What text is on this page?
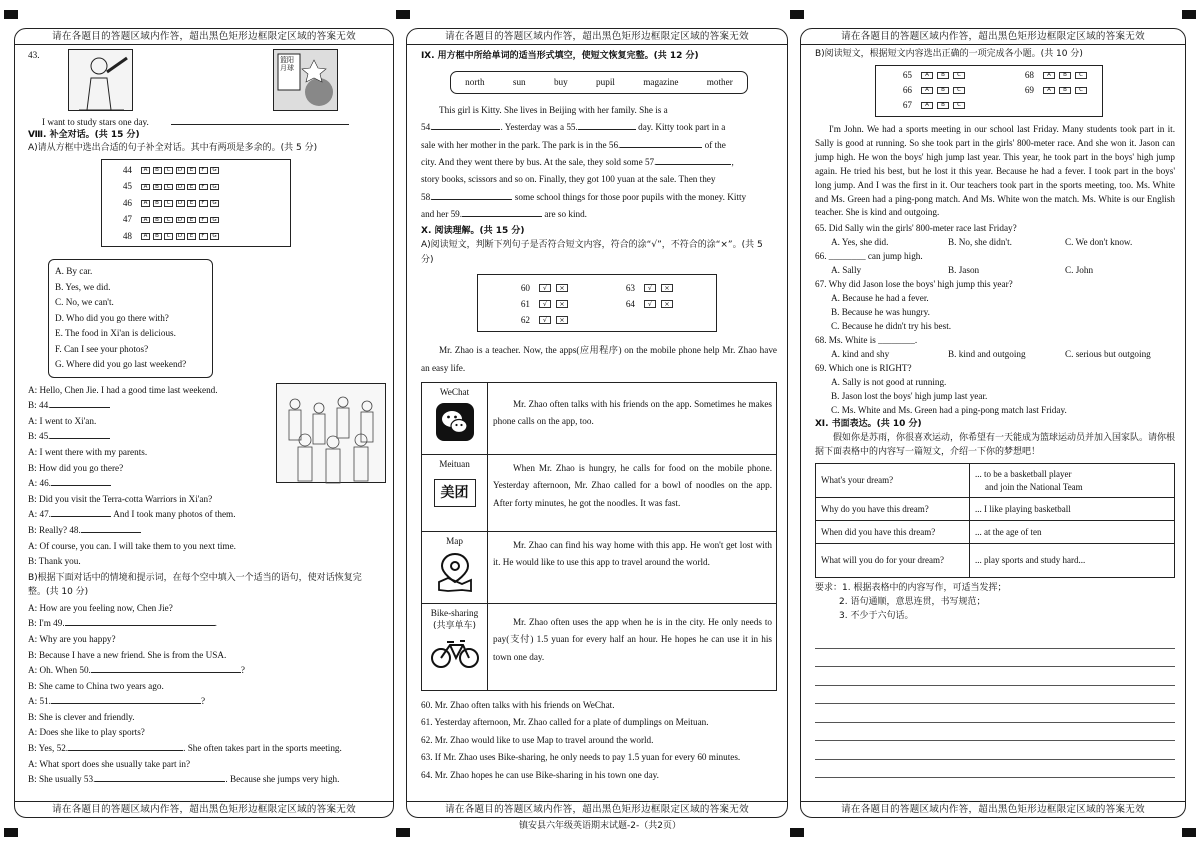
请在各题目的答题区域内作答，超出黑色矩形边框限定区域的答案无效
43.	篮阳月球
I want to study stars one day.
Ⅷ. 补全对话。(共 15 分)
A)请从方框中选出合适的句子补全对话。其中有两项是多余的。(共 5 分)
44	A	B	C	D	E	F	G
45	A	B	C	D	E	F	G
46	A	B	C	D	E	F	G
47	A	B	C	D	E	F	G
48	A	B	C	D	E	F	G
A. By car.
B. Yes, we did.
C. No, we can't.
D. Who did you go there with?
E. The food in Xi'an is delicious.
F. Can I see your photos?
G. Where did you go last weekend?
A: Hello, Chen Jie. I had a good time last weekend.
B: 44.
A: I went to Xi'an.
B: 45.
A: I went there with my parents.
B: How did you go there?
A: 46.
B: Did you visit the Terra-cotta Warriors in Xi'an?
A: 47.	And I took many photos of them.
B: Really? 48.
A: Of course, you can. I will take them to you next time.
B: Thank you.
B)根据下面对话中的情境和提示词，在每个空中填入一个适当的语句，使对话恢复完整。(共 10 分)
A: How are you feeling now, Chen Jie?
B: I'm 49.	.
A: Why are you happy?
B: Because I have a new friend. She is from the USA.
A: Oh. When 50.	?
B: She came to China two years ago.
A: 51.	?
B: She is clever and friendly.
A: Does she like to play sports?
B: Yes, 52.	. She often takes part in the sports meeting.
A: What sport does she usually take part in?
B: She usually 53.	. Because she jumps very high.
请在各题目的答题区域内作答，超出黑色矩形边框限定区域的答案无效
请在各题目的答题区域内作答，超出黑色矩形边框限定区域的答案无效
Ⅸ. 用方框中所给单词的适当形式填空，使短文恢复完整。(共 12 分)
north	sun	buy	pupil	magazine	mother
This girl is Kitty. She lives in Beijing with her family. She is a
54.	. Yesterday was a 55.	day. Kitty took part in a
sale with her mother in the park. The park is in the 56.	of the
city. And they went there by bus. At the sale, they sold some 57.	,
story books, scissors and so on. Finally, they got 100 yuan at the sale. Then they
58.	some school things for those poor pupils with the money. Kitty
and her 59.	are so kind.
Ⅹ. 阅读理解。(共 15 分)
A)阅读短文，判断下列句子是否符合短文内容，符合的涂“√”，不符合的涂“×”。(共 5 分)
60	√	×
61	√	×
62	√	×
63	√	×
64	√	×
Mr. Zhao is a teacher. Now, the apps(应用程序) on the mobile phone help Mr. Zhao have an easy life.
WeChat	Mr. Zhao often talks with his friends on the app. Sometimes he makes phone calls on the app, too.

Meituan
美团	When Mr. Zhao is hungry, he calls for food on the mobile phone. Yesterday afternoon, Mr. Zhao called for a bowl of noodles on the app. After forty minutes, he got the noodles. It was fast.

Map	Mr. Zhao can find his way home with this app. He won't get lost with it. He would like to use this app to travel around the world.

Bike-sharing
(共享单车)	Mr. Zhao often uses the app when he is in the city. He only needs to pay(支付) 1.5 yuan for every half an hour. He hopes he can use it in his town one day.
60. Mr. Zhao often talks with his friends on WeChat.
61. Yesterday afternoon, Mr. Zhao called for a plate of dumplings on Meituan.
62. Mr. Zhao would like to use Map to travel around the world.
63. If Mr. Zhao uses Bike-sharing, he only needs to pay 1.5 yuan for every 60 minutes.
64. Mr. Zhao hopes he can use Bike-sharing in his town one day.
请在各题目的答题区域内作答，超出黑色矩形边框限定区域的答案无效
请在各题目的答题区域内作答，超出黑色矩形边框限定区域的答案无效
B)阅读短文，根据短文内容选出正确的一项完成各小题。(共 10 分)
65	A	B	C
66	A	B	C
67	A	B	C
68	A	B	C
69	A	B	C
I'm John. We had a sports meeting in our school last Friday. Many students took part in it. Sally is good at running. So she took part in the girls' 800-meter race. And she won it. Jason can jump high. He won the boys' high jump last year. This year, he took part in the boys' high jump again. He tried his best, but he lost it this year. Because he had a fever. I took part in the boys' long jump. And I was the first in it. Our teachers took part in the sports meeting, too. Ms. White and Ms. Green had a ping-pong match. And Ms. White won the match. Ms. White is our English teacher. She is kind and outgoing.
65. Did Sally win the girls' 800-meter race last Friday?
A. Yes, she did.	B. No, she didn't.	C. We don't know.
66. ________ can jump high.
A. Sally	B. Jason	C. John
67. Why did Jason lose the boys' high jump this year?
A. Because he had a fever.
B. Because he was hungry.
C. Because he didn't try his best.
68. Ms. White is ________.
A. kind and shy	B. kind and outgoing	C. serious but outgoing
69. Which one is RIGHT?
A. Sally is not good at running.
B. Jason lost the boys' high jump last year.
C. Ms. White and Ms. Green had a ping-pong match last Friday.
Ⅺ. 书面表达。(共 10 分)
假如你是苏雨，你很喜欢运动，你希望有一天能成为篮球运动员并加入国家队。请你根据下面表格中的内容写一篇短文，介绍一下你的梦想吧！
What's your dream?	... to be a basketball player
and join the National Team

Why do you have this dream?	... I like playing basketball
When did you have this dream?	... at the age of ten
What will you do for your dream?	... play sports and study hard...
要求：1. 根据表格中的内容写作，可适当发挥；
2. 语句通顺，意思连贯，书写规范；
3. 不少于六句话。
请在各题目的答题区域内作答，超出黑色矩形边框限定区域的答案无效
镇安县六年级英语期末试题-2-（共2页）
